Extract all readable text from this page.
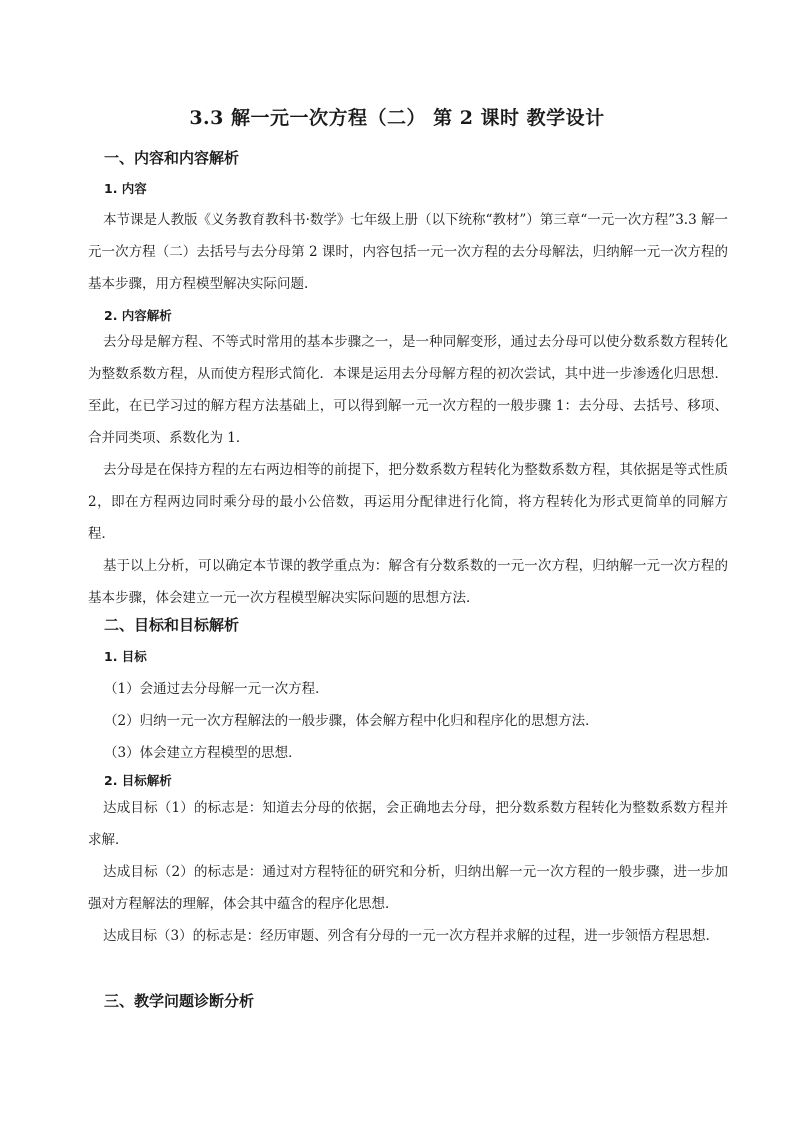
3.3 解一元一次方程（二） 第 2 课时 教学设计
一、内容和内容解析
1. 内容
本节课是人教版《义务教育教科书·数学》七年级上册（以下统称“教材”）第三章“一元一次方程”3.3 解一元一次方程（二）去括号与去分母第 2 课时，内容包括一元一次方程的去分母解法，归纳解一元一次方程的基本步骤，用方程模型解决实际问题.
2. 内容解析
去分母是解方程、不等式时常用的基本步骤之一，是一种同解变形，通过去分母可以使分数系数方程转化为整数系数方程，从而使方程形式简化．本课是运用去分母解方程的初次尝试，其中进一步渗透化归思想．至此，在已学习过的解方程方法基础上，可以得到解一元一次方程的一般步骤 1：去分母、去括号、移项、合并同类项、系数化为 1．
去分母是在保持方程的左右两边相等的前提下，把分数系数方程转化为整数系数方程，其依据是等式性质 2，即在方程两边同时乘分母的最小公倍数，再运用分配律进行化简，将方程转化为形式更简单的同解方程．
基于以上分析，可以确定本节课的教学重点为：解含有分数系数的一元一次方程，归纳解一元一次方程的基本步骤，体会建立一元一次方程模型解决实际问题的思想方法．
二、目标和目标解析
1. 目标
（1）会通过去分母解一元一次方程．
（2）归纳一元一次方程解法的一般步骤，体会解方程中化归和程序化的思想方法．
（3）体会建立方程模型的思想．
2. 目标解析
达成目标（1）的标志是：知道去分母的依据，会正确地去分母，把分数系数方程转化为整数系数方程并求解．
达成目标（2）的标志是：通过对方程特征的研究和分析，归纳出解一元一次方程的一般步骤，进一步加强对方程解法的理解，体会其中蕴含的程序化思想．
达成目标（3）的标志是：经历审题、列含有分母的一元一次方程并求解的过程，进一步领悟方程思想．
三、教学问题诊断分析
